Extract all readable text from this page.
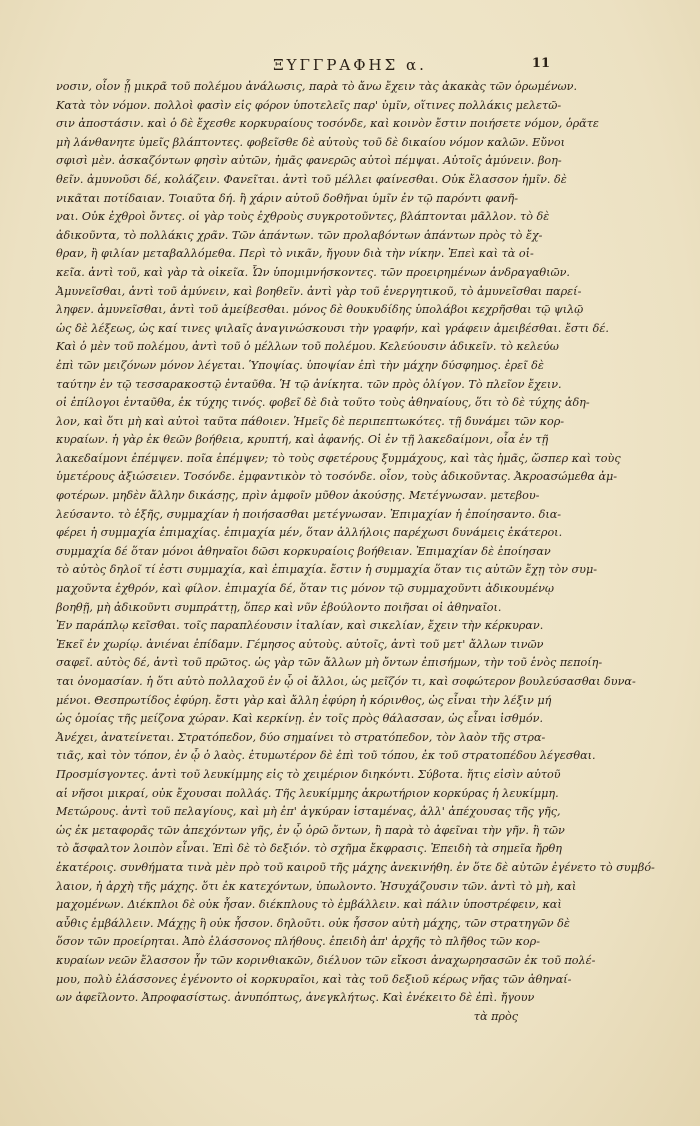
ΞΥΓΓΡΑΦΗΣ α.	11
νοσιν, οἷον ᾗ μικρᾶ τοῦ πολέμου ἀνάλωσις, παρὰ τὸ ἄνω ἔχειν τὰς ἀκακὰς τῶν ὁρωμένων.
Κατὰ τὸν νόμον. πολλοὶ φασὶν εἰς φόρον ὑποτελεῖς παρ' ὑμῖν, οἵτινες πολλάκις μελετῶ-
σιν ἀποστάσιν. καὶ ὁ δὲ ἔχεσθε κορκυραίους τοσόνδε, καὶ κοινὸν ἔστιν ποιήσετε νόμον, ὁρᾶτε
μὴ λάνθανητε ὑμεῖς βλάπτοντες. φοβεῖσθε δὲ αὐτοὺς τοῦ δὲ δικαίου νόμον καλῶν. Εὔνοι
σφισὶ μὲν. ἀσκαζόντων φησὶν αὐτῶν, ἡμᾶς φανερῶς αὐτοὶ πέμψαι. Αὐτοῖς ἀμύνειν. βοη-
θεῖν. ἀμυνοῦσι δέ, κολάζειν. Φανεῖται. ἀντὶ τοῦ μέλλει φαίνεσθαι. Οὐκ ἔλασσον ἡμῖν. δὲ
νικᾶται ποτίδαιαν. Τοιαῦτα δή. ἢ χάριν αὐτοῦ δοθῆναι ὑμῖν ἐν τῷ παρόντι φανῆ-
ναι. Οὐκ ἐχθροὶ ὄντες. οἱ γὰρ τοὺς ἐχθροὺς συγκροτοῦντες, βλάπτονται μᾶλλον. τὸ δὲ
ἀδικοῦντα, τὸ πολλάκις χρᾶν. Τῶν ἁπάντων. τῶν προλαβόντων ἁπάντων πρὸς τὸ ἔχ-
θραν, ἢ φιλίαν μεταβαλλόμεθα. Περὶ τὸ νικᾶν, ἤγουν διὰ τὴν νίκην. Ἐπεὶ καὶ τὰ οἰ-
κεῖα. ἀντὶ τοῦ, καὶ γὰρ τὰ οἰκεῖα. Ὧν ὑπομιμνήσκοντες. τῶν προειρημένων ἀνδραγαθιῶν.
Ἀμυνεῖσθαι, ἀντὶ τοῦ ἀμύνειν, καὶ βοηθεῖν. ἀντὶ γὰρ τοῦ ἐνεργητικοῦ, τὸ ἀμυνεῖσθαι παρεί-
ληφεν. ἀμυνεῖσθαι, ἀντὶ τοῦ ἀμείβεσθαι. μόνος δὲ θουκυδίδης ὑπολάβοι κεχρῆσθαι τῷ ψιλῷ
ὡς δὲ λέξεως, ὡς καί τινες ψιλαῖς ἀναγινώσκουσι τὴν γραφήν, καὶ γράφειν ἀμειβέσθαι. ἔστι δέ.
Καὶ ὁ μὲν τοῦ πολέμου, ἀντὶ τοῦ ὁ μέλλων τοῦ πολέμου. Κελεύουσιν ἀδικεῖν. τὸ κελεύω
ἐπὶ τῶν μειζόνων μόνον λέγεται. Ὑποψίας. ὑποψίαν ἐπὶ τὴν μάχην δύσφημος. ἐρεῖ δὲ
ταύτην ἐν τῷ τεσσαρακοστῷ ἐνταῦθα. Ἡ τῷ ἀνίκητα. τῶν πρὸς ὀλίγον. Τὸ πλεῖον ἔχειν.
οἱ ἐπίλογοι ἐνταῦθα, ἐκ τύχης τινός. φοβεῖ δὲ διὰ τοῦτο τοὺς ἀθηναίους, ὅτι τὸ δὲ τύχης ἀδη-
λον, καὶ ὅτι μὴ καὶ αὐτοὶ ταῦτα πάθοιεν. Ἡμεῖς δὲ περιπεπτωκότες. τῇ δυνάμει τῶν κορ-
κυραίων. ἡ γὰρ ἐκ θεῶν βοήθεια, κρυπτή, καὶ ἀφανής. Οἱ ἐν τῇ λακεδαίμονι, οἷα ἐν τῇ
λακεδαίμονι ἐπέμψεν. ποῖα ἐπέμψεν; τὸ τοὺς σφετέρους ξυμμάχους, καὶ τὰς ἡμᾶς, ὥσπερ καὶ τοὺς
ὑμετέρους ἀξιώσειεν. Τοσόνδε. ἐμφαντικὸν τὸ τοσόνδε. οἷον, τοὺς ἀδικοῦντας. Ἀκροασώμεθα ἀμ-
φοτέρων. μηδὲν ἄλλην δικάσῃς, πρὶν ἀμφοῖν μῦθον ἀκούσῃς. Μετέγνωσαν. μετεβου-
λεύσαντο. τὸ ἑξῆς, συμμαχίαν ἡ ποιήσασθαι μετέγνωσαν. Ἐπιμαχίαν ἡ ἐποίησαντο. δια-
φέρει ἡ συμμαχία ἐπιμαχίας. ἐπιμαχία μέν, ὅταν ἀλλήλοις παρέχωσι δυνάμεις ἑκάτεροι.
συμμαχία δέ ὅταν μόνοι ἀθηναῖοι δῶσι κορκυραίοις βοήθειαν. Ἐπιμαχίαν δὲ ἐποίησαν
τὸ αὐτὸς δηλοῖ τί ἐστι συμμαχία, καὶ ἐπιμαχία. ἔστιν ἡ συμμαχία ὅταν τις αὐτῶν ἔχῃ τὸν συμ-
μαχοῦντα ἐχθρόν, καὶ φίλον. ἐπιμαχία δέ, ὅταν τις μόνον τῷ συμμαχοῦντι ἀδικουμένῳ
βοηθῇ, μὴ ἀδικοῦντι συμπράττῃ, ὅπερ καὶ νῦν ἐβούλοντο ποιῆσαι οἱ ἀθηναῖοι.
Ἐν παράπλῳ κεῖσθαι. τοῖς παραπλέουσιν ἰταλίαν, καὶ σικελίαν, ἔχειν τὴν κέρκυραν.
Ἐκεῖ ἐν χωρίῳ. ἀνιέναι ἐπίδαμν. Γέμησος αὐτοὺς. αὐτοῖς, ἀντὶ τοῦ μετ' ἄλλων τινῶν
σαφεῖ. αὐτὸς δέ, ἀντὶ τοῦ πρῶτος. ὡς γὰρ τῶν ἄλλων μὴ ὄντων ἐπισήμων, τὴν τοῦ ἑνὸς πεποίη-
ται ὀνομασίαν. ἡ ὅτι αὐτὸ πολλαχοῦ ἐν ᾧ οἱ ἄλλοι, ὡς μεῖζόν τι, καὶ σοφώτερον βουλεύσασθαι δυνα-
μένοι. Θεσπρωτίδος ἐφύρη. ἔστι γὰρ καὶ ἄλλη ἐφύρη ἡ κόρινθος, ὡς εἶναι τὴν λέξιν μή
ὡς ὁμοίας τῆς μείζονα χώραν. Καὶ κερκίνῃ. ἐν τοῖς πρὸς θάλασσαν, ὡς εἶναι ἰσθμόν.
Ἀνέχει, ἀνατείνεται. Στρατόπεδον, δύο σημαίνει τὸ στρατόπεδον, τὸν λαὸν τῆς στρα-
τιᾶς, καὶ τὸν τόπον, ἐν ᾧ ὁ λαὸς. ἐτυμωτέρον δὲ ἐπὶ τοῦ τόπου, ἐκ τοῦ στρατοπέδου λέγεσθαι.
Προσμίσγοντες. ἀντὶ τοῦ λευκίμμης εἰς τὸ χειμέριον διηκόντι. Σύβοτα. ἥτις εἰσὶν αὐτοῦ
αἱ νῆσοι μικραί, οὐκ ἔχουσαι πολλάς. Τῆς λευκίμμης ἀκρωτήριον κορκύρας ἡ λευκίμμη.
Μετώρους. ἀντὶ τοῦ πελαγίους, καὶ μὴ ἐπ' ἀγκύραν ἱσταμένας, ἀλλ' ἀπέχουσας τῆς γῆς,
ὡς ἐκ μεταφορᾶς τῶν ἀπεχόντων γῆς, ἐν ᾧ ὁρῶ ὄντων, ἢ παρὰ τὸ ἀφεῖναι τὴν γῆν. ἢ τῶν
τὸ ἄσφαλτον λοιπὸν εἶναι. Ἐπὶ δὲ τὸ δεξιόν. τὸ σχῆμα ἔκφρασις. Ἐπειδὴ τὰ σημεῖα ἤρθη
ἑκατέροις. συνθήματα τινὰ μὲν πρὸ τοῦ καιροῦ τῆς μάχης ἀνεκινήθη. ἐν ὅτε δὲ αὐτῶν ἐγένετο τὸ συμβό-
λαιον, ἡ ἀρχὴ τῆς μάχης. ὅτι ἐκ κατεχόντων, ὑπωλοντο. Ἡσυχάζουσιν τῶν. ἀντὶ τὸ μὴ, καὶ
μαχομένων. Διέκπλοι δὲ οὐκ ἦσαν. διέκπλους τὸ ἐμβάλλειν. καὶ πάλιν ὑποστρέφειν, καὶ
αὖθις ἐμβάλλειν. Μάχῃς ἣ οὐκ ἧσσον. δηλοῦτι. οὐκ ἧσσον αὐτὴ μάχης, τῶν στρατηγῶν δὲ
ὅσον τῶν προείρηται. Ἀπὸ ἐλάσσονος πλήθους. ἐπειδὴ ἀπ' ἀρχῆς τὸ πλῆθος τῶν κορ-
κυραίων νεῶν ἔλασσον ἦν τῶν κορινθιακῶν, διέλυον τῶν εἴκοσι ἀναχωρησασῶν ἐκ τοῦ πολέ-
μου, πολὺ ἐλάσσονες ἐγένοντο οἱ κορκυραῖοι, καὶ τὰς τοῦ δεξιοῦ κέρως νῆας τῶν ἀθηναί-
ων ἀφεῖλοντο. Ἀπροφασίστως. ἀνυπόπτως, ἀνεγκλήτως. Καὶ ἐνέκειτο δὲ ἐπὶ. ἤγουν
τὰ πρὸς
